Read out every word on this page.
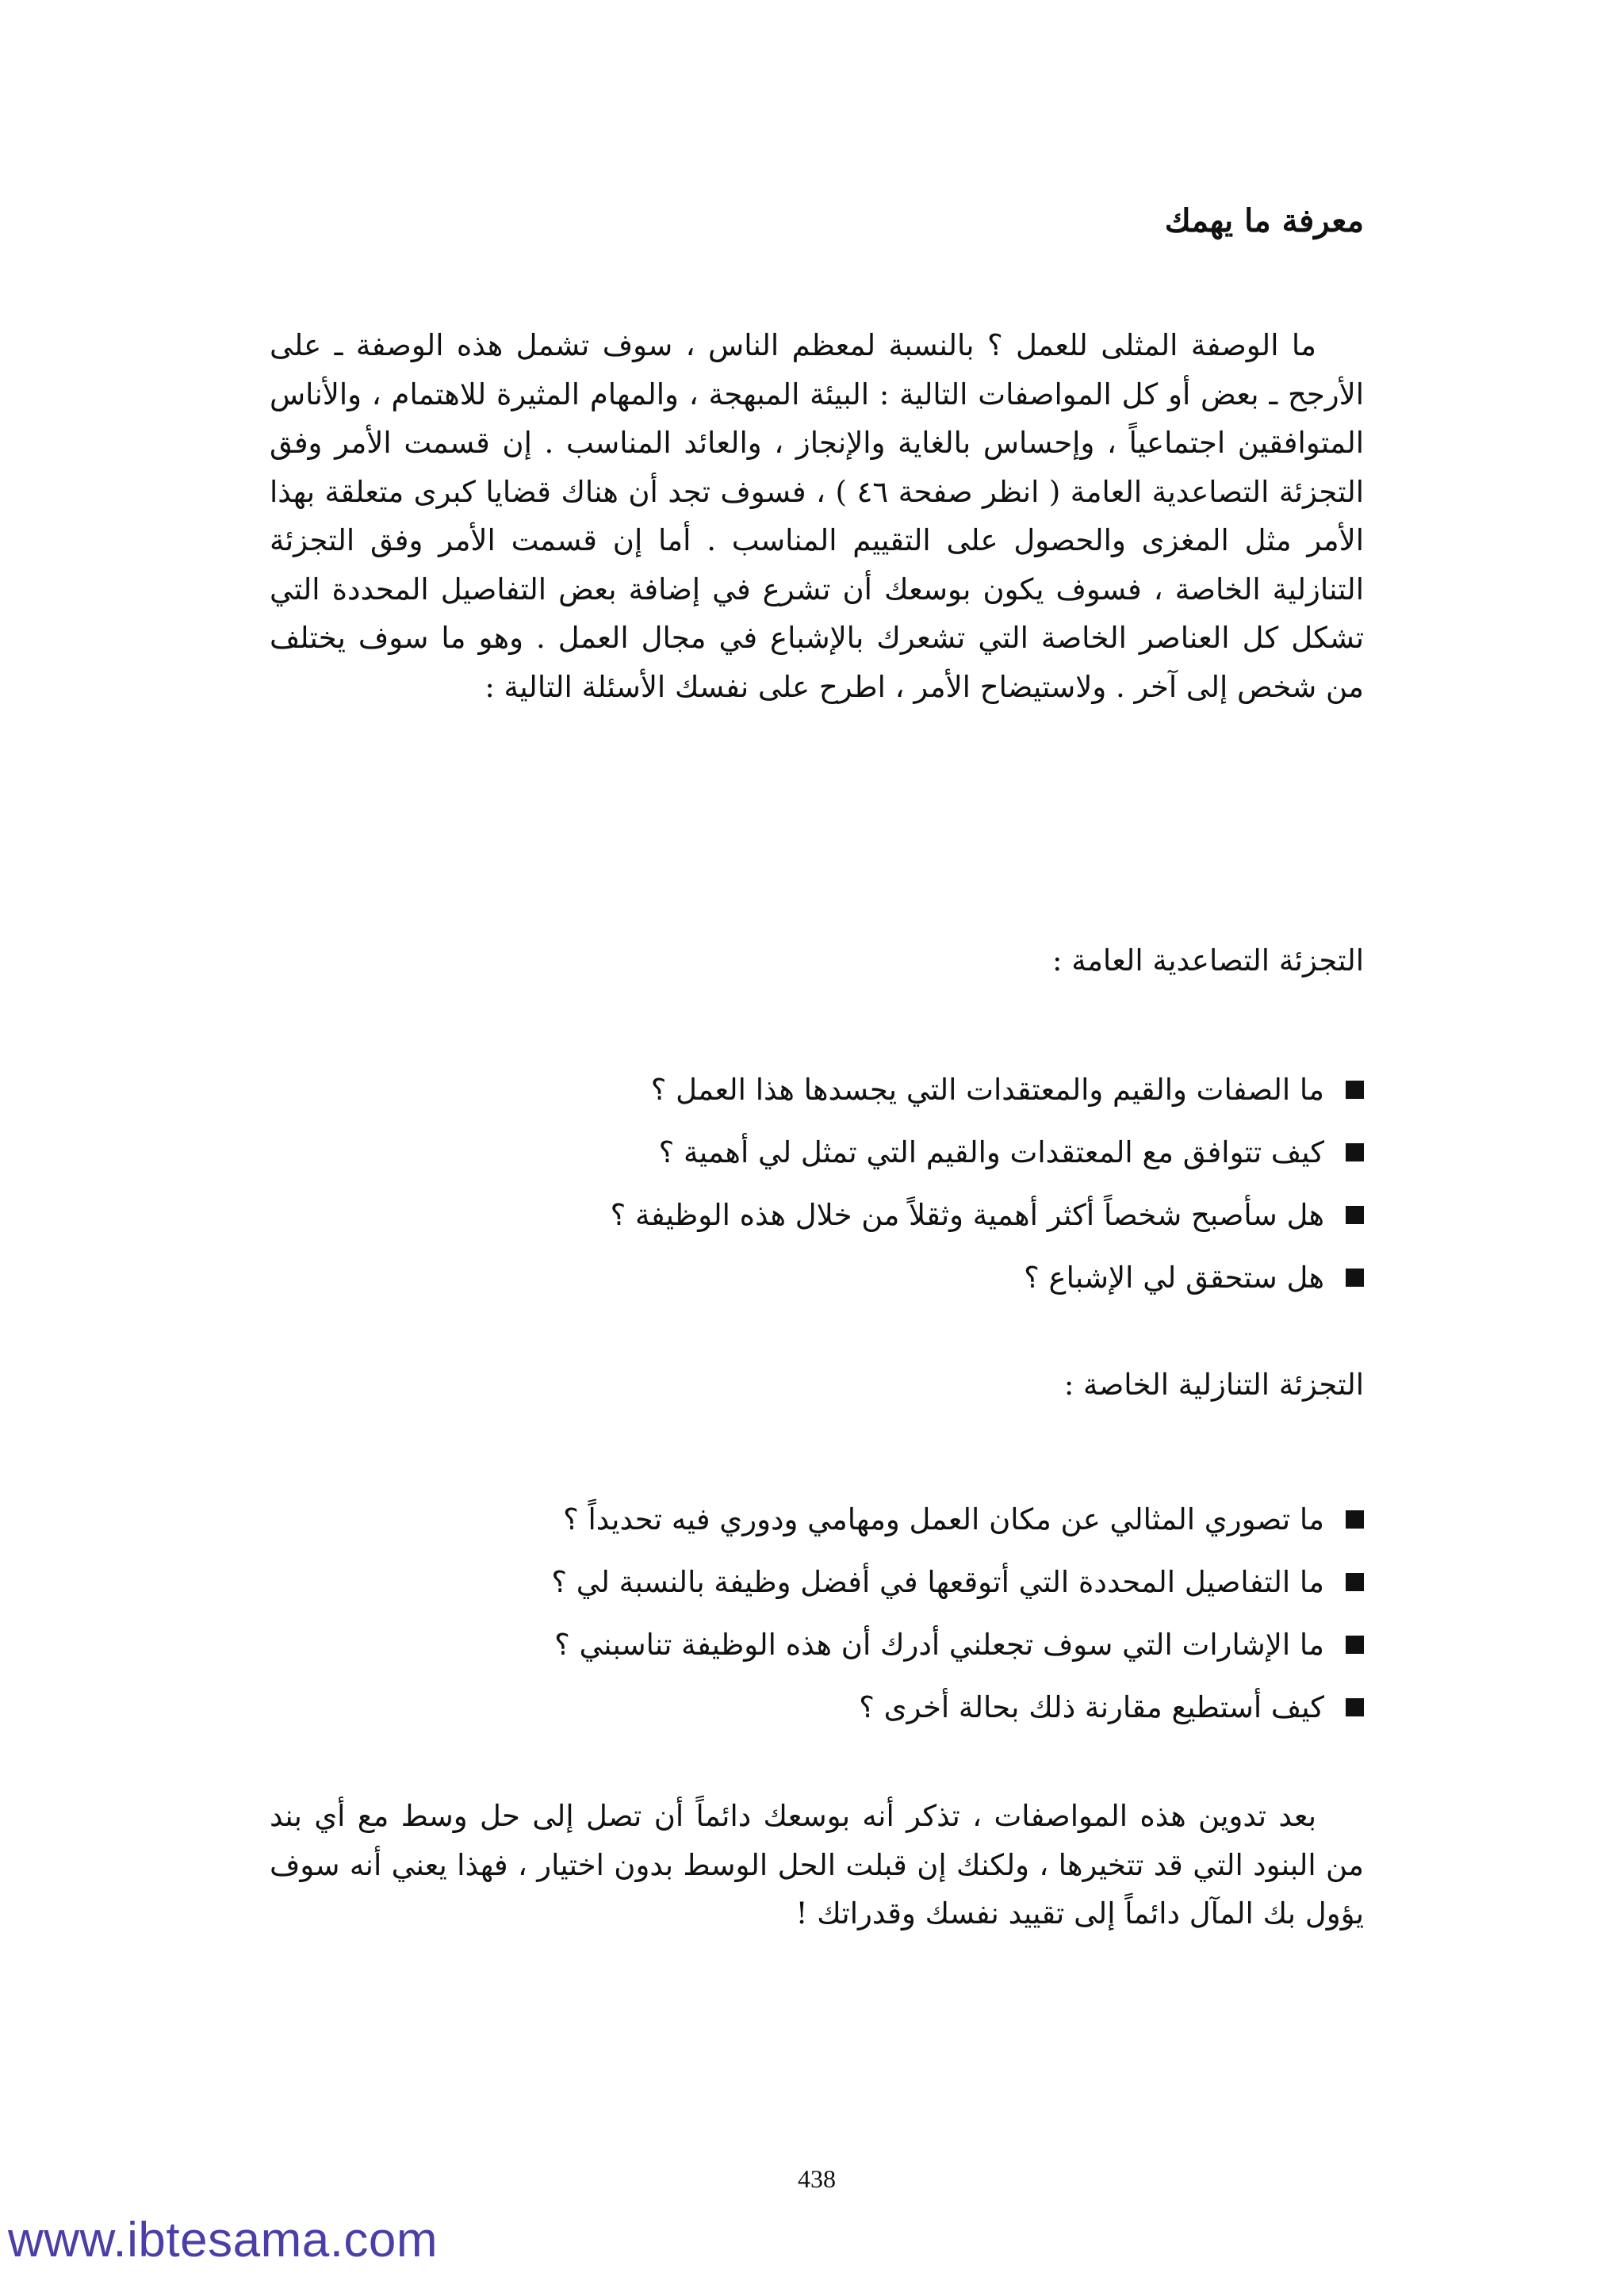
معرفة ما يهمك

ما الوصفة المثلى للعمل ؟ بالنسبة لمعظم الناس ، سوف تشمل هذه الوصفة ـ على الأرجح ـ بعض أو كل المواصفات التالية : البيئة المبهجة ، والمهام المثيرة للاهتمام ، والأناس المتوافقين اجتماعياً ، وإحساس بالغاية والإنجاز ، والعائد المناسب . إن قسمت الأمر وفق التجزئة التصاعدية العامة ( انظر صفحة ٤٦ ) ، فسوف تجد أن هناك قضايا كبرى متعلقة بهذا الأمر مثل المغزى والحصول على التقييم المناسب . أما إن قسمت الأمر وفق التجزئة التنازلية الخاصة ، فسوف يكون بوسعك أن تشرع في إضافة بعض التفاصيل المحددة التي تشكل كل العناصر الخاصة التي تشعرك بالإشباع في مجال العمل . وهو ما سوف يختلف من شخص إلى آخر . ولاستيضاح الأمر ، اطرح على نفسك الأسئلة التالية :

التجزئة التصاعدية العامة :

ما الصفات والقيم والمعتقدات التي يجسدها هذا العمل ؟
كيف تتوافق مع المعتقدات والقيم التي تمثل لي أهمية ؟
هل سأصبح شخصاً أكثر أهمية وثقلاً من خلال هذه الوظيفة ؟
هل ستحقق لي الإشباع ؟

التجزئة التنازلية الخاصة :

ما تصوري المثالي عن مكان العمل ومهامي ودوري فيه تحديداً ؟
ما التفاصيل المحددة التي أتوقعها في أفضل وظيفة بالنسبة لي ؟
ما الإشارات التي سوف تجعلني أدرك أن هذه الوظيفة تناسبني ؟
كيف أستطيع مقارنة ذلك بحالة أخرى ؟

بعد تدوين هذه المواصفات ، تذكر أنه بوسعك دائماً أن تصل إلى حل وسط مع أي بند من البنود التي قد تتخيرها ، ولكنك إن قبلت الحل الوسط بدون اختيار ، فهذا يعني أنه سوف يؤول بك المآل دائماً إلى تقييد نفسك وقدراتك !

438

www.ibtesama.com
